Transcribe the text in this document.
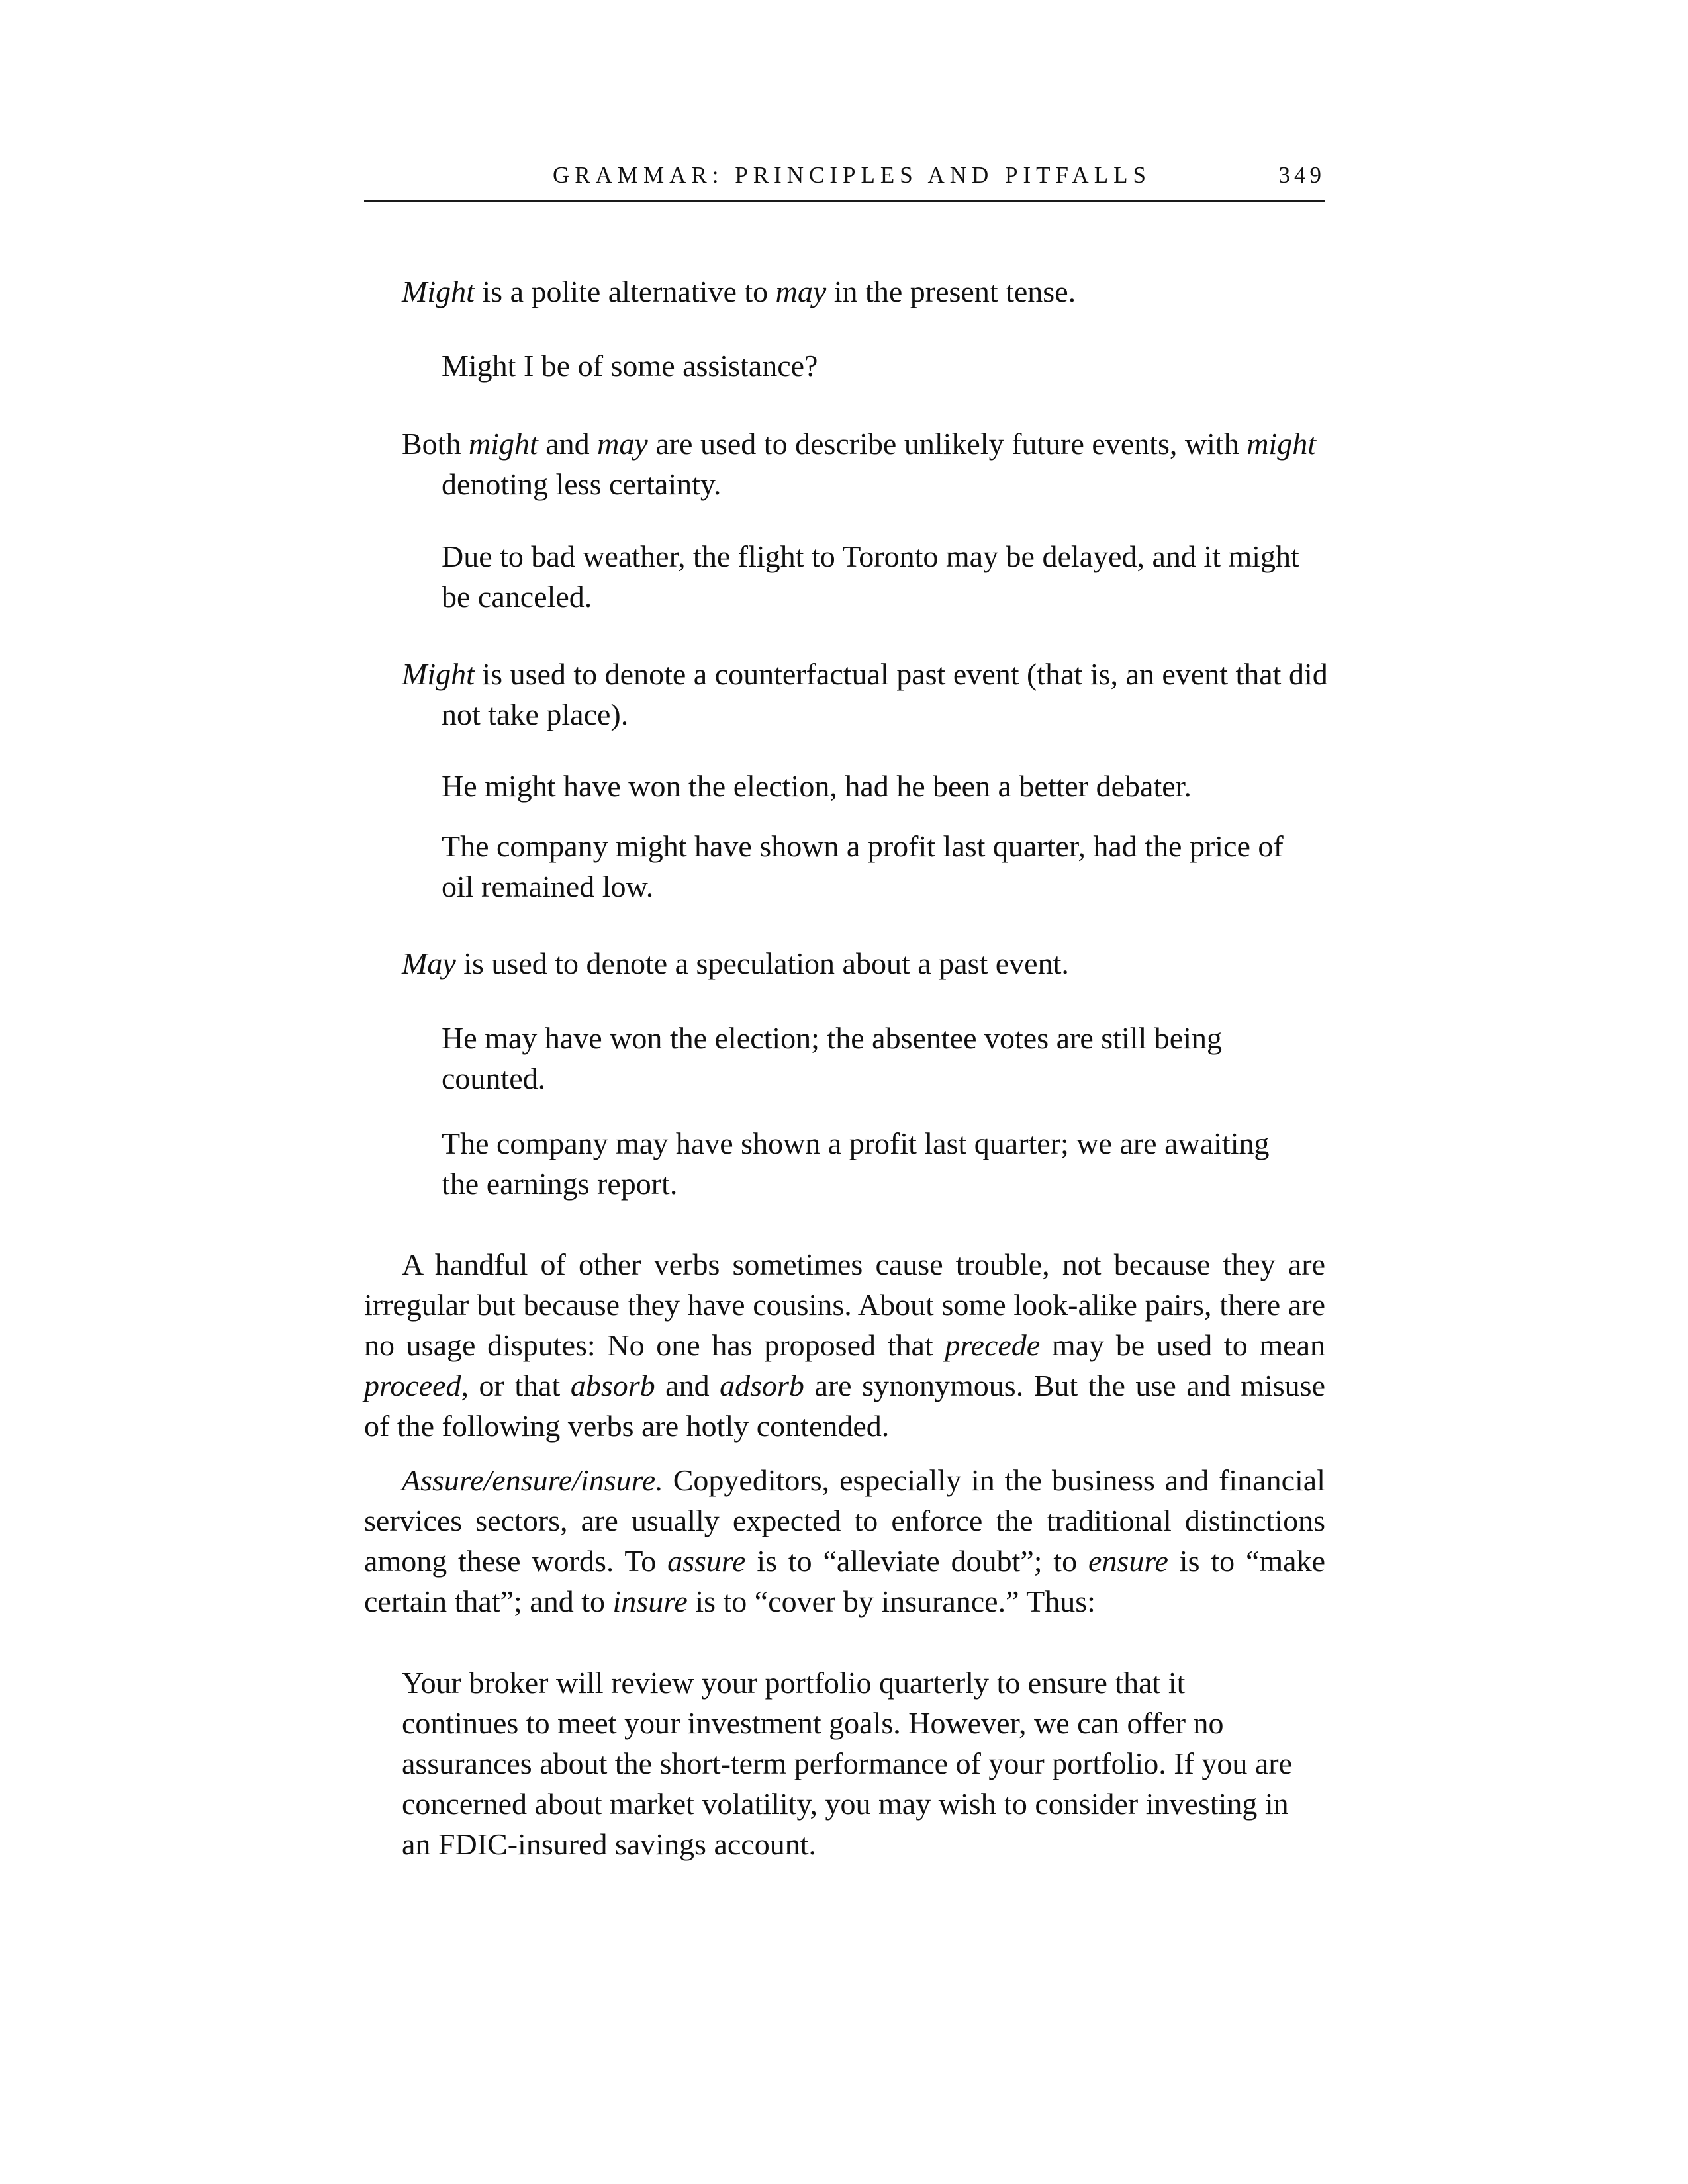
GRAMMAR: PRINCIPLES AND PITFALLS	349

Might is a polite alternative to may in the present tense.

Might I be of some assistance?

Both might and may are used to describe unlikely future events, with might denoting less certainty.

Due to bad weather, the flight to Toronto may be delayed, and it might be canceled.

Might is used to denote a counterfactual past event (that is, an event that did not take place).

He might have won the election, had he been a better debater.

The company might have shown a profit last quarter, had the price of oil remained low.

May is used to denote a speculation about a past event.

He may have won the election; the absentee votes are still being counted.

The company may have shown a profit last quarter; we are awaiting the earnings report.

A handful of other verbs sometimes cause trouble, not because they are irregular but because they have cousins. About some look-alike pairs, there are no usage disputes: No one has proposed that precede may be used to mean proceed, or that absorb and adsorb are synonymous. But the use and misuse of the following verbs are hotly contended.

Assure/ensure/insure. Copyeditors, especially in the business and financial services sectors, are usually expected to enforce the traditional distinctions among these words. To assure is to “alleviate doubt”; to ensure is to “make certain that”; and to insure is to “cover by insurance.” Thus:

Your broker will review your portfolio quarterly to ensure that it continues to meet your investment goals. However, we can offer no assurances about the short-term performance of your portfolio. If you are concerned about market volatility, you may wish to consider investing in an FDIC-insured savings account.
